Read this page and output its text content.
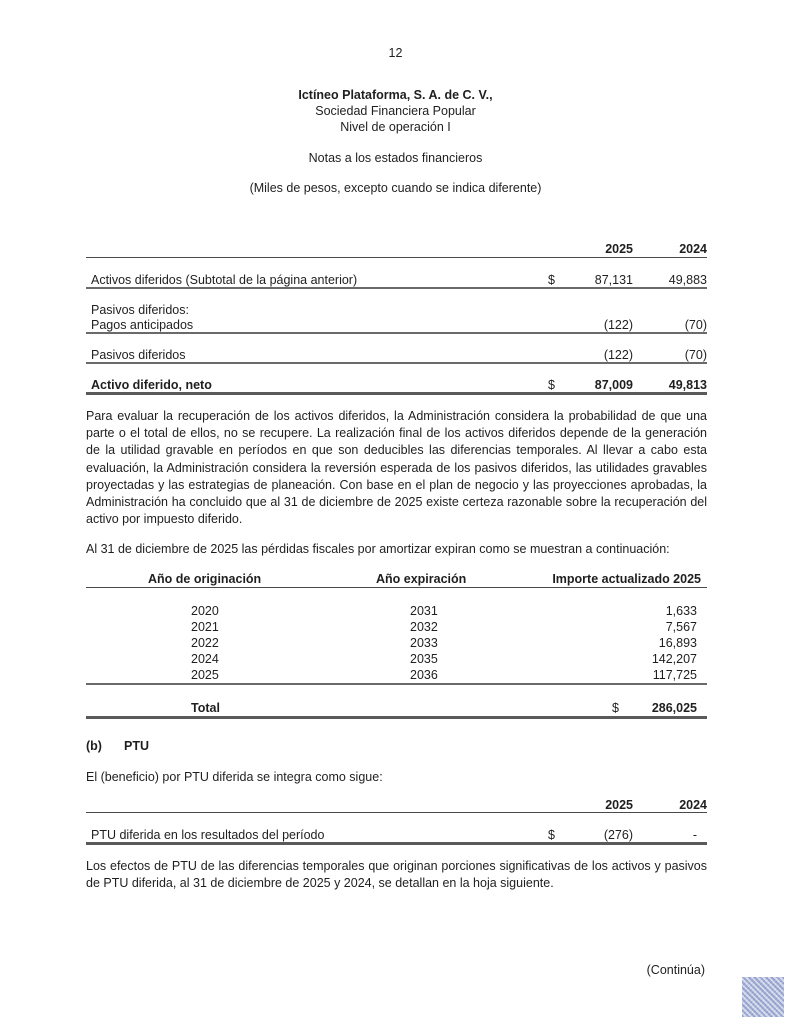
12
Ictíneo Plataforma, S. A. de C. V.,
Sociedad Financiera Popular
Nivel de operación I
Notas a los estados financieros
(Miles de pesos, excepto cuando se indica diferente)
2025	2024
Activos diferidos (Subtotal de la página anterior)	$	87,131	49,883
Pasivos diferidos:
Pagos anticipados	(122)	(70)
Pasivos diferidos	(122)	(70)
Activo diferido, neto	$	87,009	49,813
Para evaluar la recuperación de los activos diferidos, la Administración considera la probabilidad de que una parte o el total de ellos, no se recupere. La realización final de los activos diferidos depende de la generación de la utilidad gravable en períodos en que son deducibles las diferencias temporales. Al llevar a cabo esta evaluación, la Administración considera la reversión esperada de los pasivos diferidos, las utilidades gravables proyectadas y las estrategias de planeación. Con base en el plan de negocio y las proyecciones aprobadas, la Administración ha concluido que al 31 de diciembre de 2025 existe certeza razonable sobre la recuperación del activo por impuesto diferido.
Al 31 de diciembre de 2025 las pérdidas fiscales por amortizar expiran como se muestran a continuación:
Año de originación	Año expiración	Importe actualizado 2025
2020	2031	1,633
2021	2032	7,567
2022	2033	16,893
2024	2035	142,207
2025	2036	117,725
Total	$	286,025
(b) PTU
El (beneficio) por PTU diferida se integra como sigue:
2025	2024
PTU diferida en los resultados del período	$	(276)	-
Los efectos de PTU de las diferencias temporales que originan porciones significativas de los activos y pasivos de PTU diferida, al 31 de diciembre de 2025 y 2024, se detallan en la hoja siguiente.
(Continúa)
